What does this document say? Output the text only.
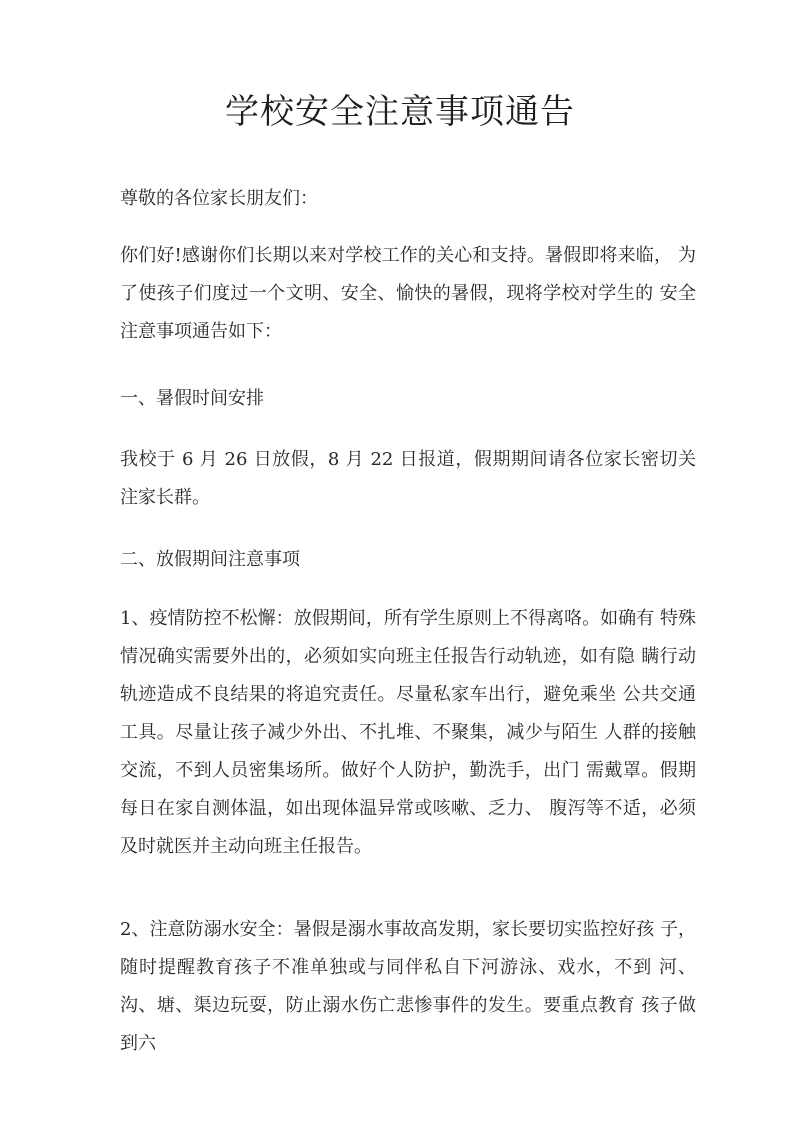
学校安全注意事项通告
尊敬的各位家长朋友们：
你们好!感谢你们长期以来对学校工作的关心和支持。暑假即将来临， 为了使孩子们度过一个文明、安全、愉快的暑假，现将学校对学生的 安全注意事项通告如下：
一、暑假时间安排
我校于 6 月 26 日放假，8 月 22 日报道，假期期间请各位家长密切关 注家长群。
二、放假期间注意事项
1、疫情防控不松懈：放假期间，所有学生原则上不得离咯。如确有 特殊情况确实需要外出的，必须如实向班主任报告行动轨迹，如有隐 瞒行动轨迹造成不良结果的将追究责任。尽量私家车出行，避免乘坐 公共交通工具。尽量让孩子减少外出、不扎堆、不聚集，减少与陌生 人群的接触交流，不到人员密集场所。做好个人防护，勤洗手，出门 需戴罩。假期每日在家自测体温，如出现体温异常或咳嗽、乏力、 腹泻等不适，必须及时就医并主动向班主任报告。
2、注意防溺水安全：暑假是溺水事故高发期，家长要切实监控好孩 子，随时提醒教育孩子不准单独或与同伴私自下河游泳、戏水，不到 河、沟、塘、渠边玩耍，防止溺水伤亡悲惨事件的发生。要重点教育 孩子做到六
